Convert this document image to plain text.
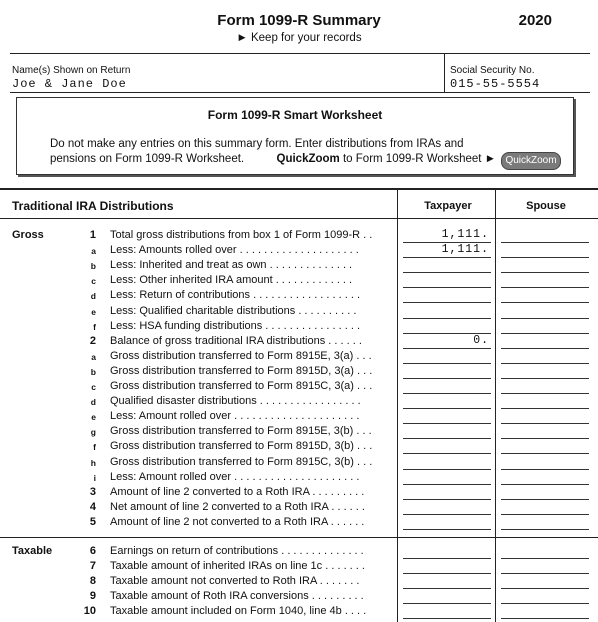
Form 1099-R Summary	2020
► Keep for your records
Name(s) Shown on Return
Joe & Jane Doe
Social Security No.
015-55-5554
Form 1099-R Smart Worksheet
Do not make any entries on this summary form. Enter distributions from IRAs and
pensions on Form 1099-R Worksheet.	QuickZoom to Form 1099-R Worksheet ► QuickZoom
Traditional IRA Distributions	Taxpayer	Spouse
Gross	1 Total gross distributions from box 1 of Form 1099-R . .	1,111.
a Less: Amounts rolled over . . . . . . . . . . . . . . . . . . . .	1,111.
b Less: Inherited and treat as own . . . . . . . . . . . . . .
c Less: Other inherited IRA amount . . . . . . . . . . . . .
d Less: Return of contributions . . . . . . . . . . . . . . . . . .
e Less: Qualified charitable distributions . . . . . . . . . .
f Less: HSA funding distributions . . . . . . . . . . . . . . . .
2 Balance of gross traditional IRA distributions . . . . . .	0.
a Gross distribution transferred to Form 8915E, 3(a) . . .
b Gross distribution transferred to Form 8915D, 3(a) . . .
c Gross distribution transferred to Form 8915C, 3(a) . . .
d Qualified disaster distributions . . . . . . . . . . . . . . . . .
e Less: Amount rolled over . . . . . . . . . . . . . . . . . . . . .
g Gross distribution transferred to Form 8915E, 3(b) . . .
f Gross distribution transferred to Form 8915D, 3(b) . . .
h Gross distribution transferred to Form 8915C, 3(b) . . .
i Less: Amount rolled over . . . . . . . . . . . . . . . . . . . . .
3 Amount of line 2 converted to a Roth IRA . . . . . . . . .
4 Net amount of line 2 converted to a Roth IRA . . . . . .
5 Amount of line 2 not converted to a Roth IRA . . . . . .
Taxable	6 Earnings on return of contributions . . . . . . . . . . . . . .
7 Taxable amount of inherited IRAs on line 1c . . . . . . .
8 Taxable amount not converted to Roth IRA . . . . . . .
9 Taxable amount of Roth IRA conversions . . . . . . . . .
10 Taxable amount included on Form 1040, line 4b . . . .
